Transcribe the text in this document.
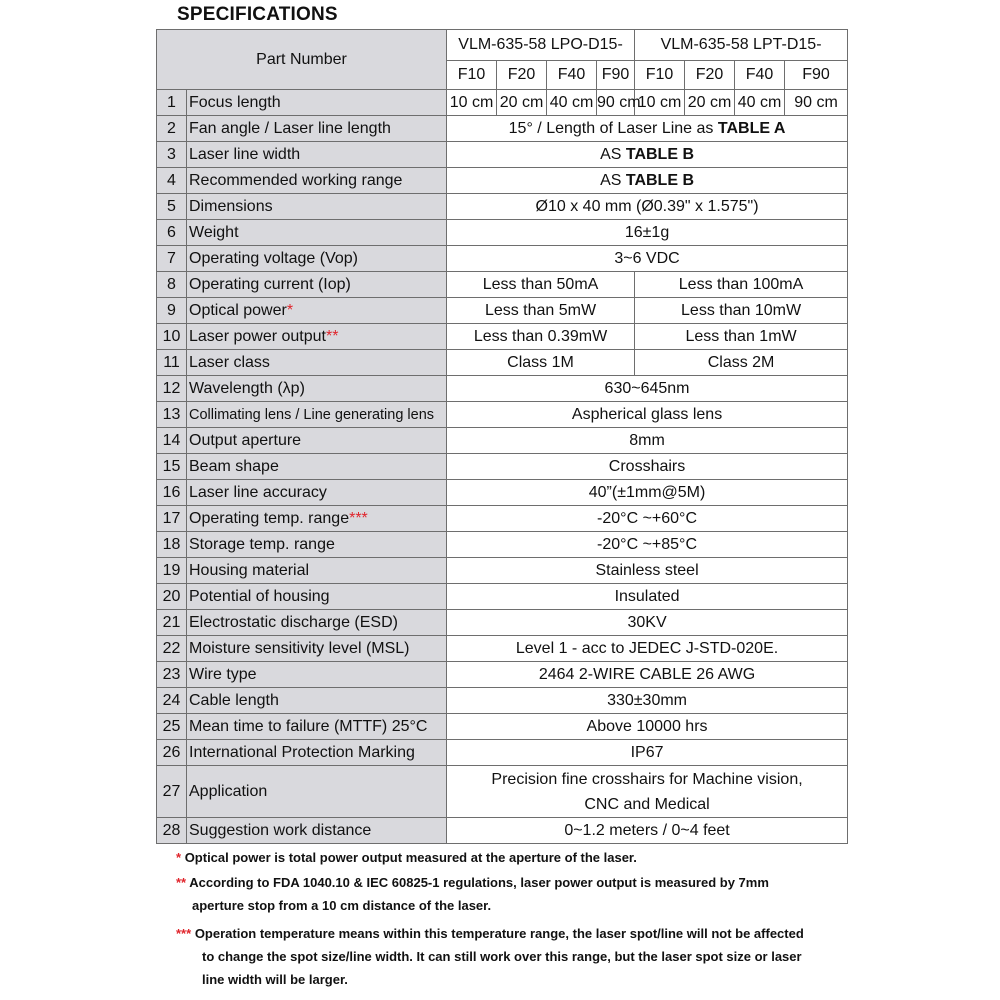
SPECIFICATIONS
Part Number		VLM-635-58 LPO-D15-				VLM-635-58 LPT-D15-			
		F10	F20	F40	F90	F10	F20	F40	F90
1	Focus length	10 cm	20 cm	40 cm	90 cm	10 cm	20 cm	40 cm	90 cm
2	Fan angle / Laser line length	15° / Length of Laser Line as TABLE A							
3	Laser line width	AS TABLE B							
4	Recommended working range	AS TABLE B							
5	Dimensions	Ø10 x 40 mm (Ø0.39" x 1.575")							
6	Weight	16±1g							
7	Operating voltage (Vop)	3~6 VDC							
8	Operating current (Iop)	Less than 50mA				Less than 100mA			
9	Optical power*	Less than 5mW				Less than 10mW			
10	Laser power output**	Less than 0.39mW				Less than 1mW			
11	Laser class	Class 1M				Class 2M			
12	Wavelength (λp)	630~645nm							
13	Collimating lens / Line generating lens	Aspherical glass lens							
14	Output aperture	8mm							
15	Beam shape	Crosshairs							
16	Laser line accuracy	40”(±1mm@5M)							
17	Operating temp. range***	-20°C ~+60°C							
18	Storage temp. range	-20°C ~+85°C							
19	Housing material	Stainless steel							
20	Potential of housing	Insulated							
21	Electrostatic discharge (ESD)	30KV							
22	Moisture sensitivity level (MSL)	Level 1 - acc to JEDEC J-STD-020E.							
23	Wire type	2464 2-WIRE CABLE 26 AWG							
24	Cable length	330±30mm							
25	Mean time to failure (MTTF) 25°C	Above 10000 hrs							
26	International Protection Marking	IP67							
27	Application	Precision fine crosshairs for Machine vision,
CNC and Medical							

28	Suggestion work distance	0~1.2 meters / 0~4 feet							
* Optical power is total power output measured at the aperture of the laser.
** According to FDA 1040.10 & IEC 60825-1 regulations, laser power output is measured by 7mm
aperture stop from a 10 cm distance of the laser.
*** Operation temperature means within this temperature range, the laser spot/line will not be affected
to change the spot size/line width. It can still work over this range, but the laser spot size or laser
line width will be larger.
